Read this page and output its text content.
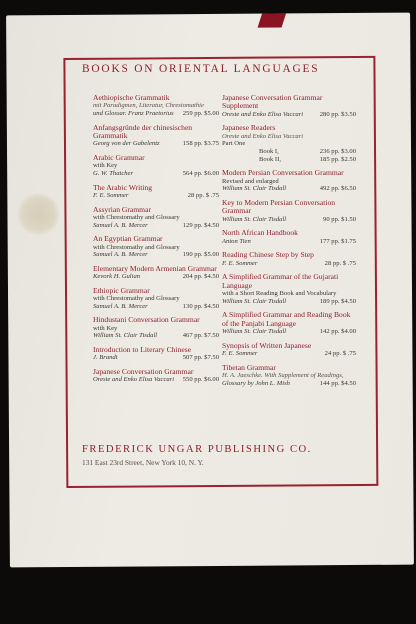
BOOKS ON ORIENTAL LANGUAGES
Aethiopische Grammatik
mit Paradigmen, Literatur, Chrestomathie
und Glossar. Franz Praetorius 259 pp. $5.00
Anfangsgründe der chinesischen Grammatik
Georg von der Gabelentz	158 pp. $3.75
Arabic Grammar
with Key
G. W. Thatcher	564 pp. $6.00
The Arabic Writing
F. E. Sommer	28 pp. $ .75
Assyrian Grammar
with Chrestomathy and Glossary
Samuel A. B. Mercer	129 pp. $4.50
An Egyptian Grammar
with Chrestomathy and Glossary
Samuel A. B. Mercer	190 pp. $5.00
Elementary Modern Armenian Grammar
Kevork H. Gulian	204 pp. $4.50
Ethiopic Grammar
with Chrestomathy and Glossary
Samuel A. B. Mercer	130 pp. $4.50
Hindustani Conversation Grammar
with Key
William St. Clair Tisdall	467 pp. $7.50
Introduction to Literary Chinese
J. Brandt	507 pp. $7.50
Japanese Conversation Grammar
Oreste and Enko Elisa Vaccari 550 pp. $6.00
Japanese Conversation Grammar Supplement
Oreste and Enko Elisa Vaccari	280 pp. $3.50
Japanese Readers
Oreste and Enko Elisa Vaccari
Part One
Book I,	236 pp. $3.00
Book II,	185 pp. $2.50
Modern Persian Conversation Grammar
Revised and enlarged
William St. Clair Tisdall	492 pp. $6.50
Key to Modern Persian Conversation Grammar
William St. Clair Tisdall	90 pp. $1.50
North African Handbook
Anton Tien	177 pp. $1.75
Reading Chinese Step by Step
F. E. Sommer	28 pp. $ .75
A Simplified Grammar of the Gujarati Language
with a Short Reading Book and Vocabulary
William St. Clair Tisdall	189 pp. $4.50
A Simplified Grammar and Reading Book of the Panjabi Language
William St. Clair Tisdall	142 pp. $4.00
Synopsis of Written Japanese
F. E. Sommer	24 pp. $ .75
Tibetan Grammar
H. A. Jaeschke. With Supplement of Readings,
Glossary by John L. Mish	144 pp. $4.50
FREDERICK UNGAR PUBLISHING CO.
131 East 23rd Street, New York 10, N. Y.
